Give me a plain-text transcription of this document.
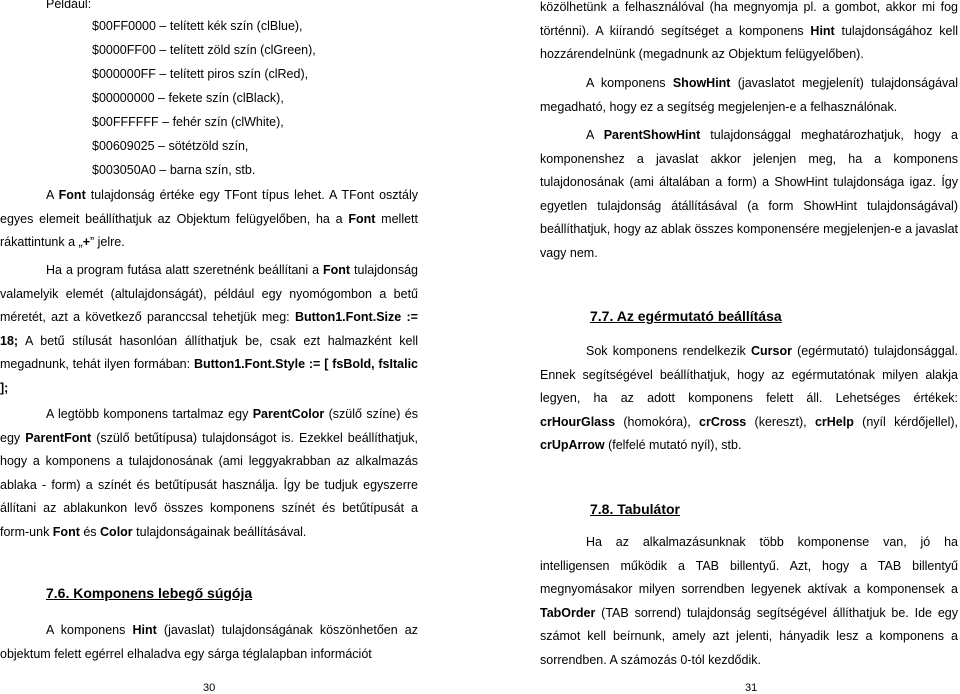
Például:
$00FF0000 – telített kék szín (clBlue),
$0000FF00 – telített zöld szín (clGreen),
$000000FF – telített piros szín (clRed),
$00000000 – fekete szín (clBlack),
$00FFFFFF – fehér szín (clWhite),
$00609025 – sötétzöld szín,
$003050A0 – barna szín, stb.

A Font tulajdonság értéke egy TFont típus lehet. A TFont osztály egyes elemeit beállíthatjuk az Objektum felügyelőben, ha a Font mellett rákattintunk a „+” jelre.

Ha a program futása alatt szeretnénk beállítani a Font tulajdonság valamelyik elemét (altulajdonságát), például egy nyomógombon a betű méretét, azt a következő paranccsal tehetjük meg: Button1.Font.Size := 18; A betű stílusát hasonlóan állíthatjuk be, csak ezt halmazként kell megadnunk, tehát ilyen formában: Button1.Font.Style := [ fsBold, fsItalic ];

A legtöbb komponens tartalmaz egy ParentColor (szülő színe) és egy ParentFont (szülő betűtípusa) tulajdonságot is. Ezekkel beállíthatjuk, hogy a komponens a tulajdonosának (ami leggyakrabban az alkalmazás ablaka - form) a színét és betűtípusát használja. Így be tudjuk egyszerre állítani az ablakunkon levő összes komponens színét és betűtípusát a form-unk Font és Color tulajdonságainak beállításával.

7.6. Komponens lebegő súgója

A komponens Hint (javaslat) tulajdonságának köszönhetően az objektum felett egérrel elhaladva egy sárga téglalapban információt

30

közölhetünk a felhasználóval (ha megnyomja pl. a gombot, akkor mi fog történni). A kiírandó segítséget a komponens Hint tulajdonságához kell hozzárendelnünk (megadnunk az Objektum felügyelőben).

A komponens ShowHint (javaslatot megjelenít) tulajdonságával megadható, hogy ez a segítség megjelenjen-e a felhasználónak.

A ParentShowHint tulajdonsággal meghatározhatjuk, hogy a komponenshez a javaslat akkor jelenjen meg, ha a komponens tulajdonosának (ami általában a form) a ShowHint tulajdonsága igaz. Így egyetlen tulajdonság átállításával (a form ShowHint tulajdonságával) beállíthatjuk, hogy az ablak összes komponensére megjelenjen-e a javaslat vagy nem.

7.7. Az egérmutató beállítása

Sok komponens rendelkezik Cursor (egérmutató) tulajdonsággal. Ennek segítségével beállíthatjuk, hogy az egérmutatónak milyen alakja legyen, ha az adott komponens felett áll. Lehetséges értékek: crHourGlass (homokóra), crCross (kereszt), crHelp (nyíl kérdőjellel), crUpArrow (felfelé mutató nyíl), stb.

7.8. Tabulátor

Ha az alkalmazásunknak több komponense van, jó ha intelligensen működik a TAB billentyű. Azt, hogy a TAB billentyű megnyomásakor milyen sorrendben legyenek aktívak a komponensek a TabOrder (TAB sorrend) tulajdonság segítségével állíthatjuk be. Ide egy számot kell beírnunk, amely azt jelenti, hányadik lesz a komponens a sorrendben. A számozás 0-tól kezdődik.

31
